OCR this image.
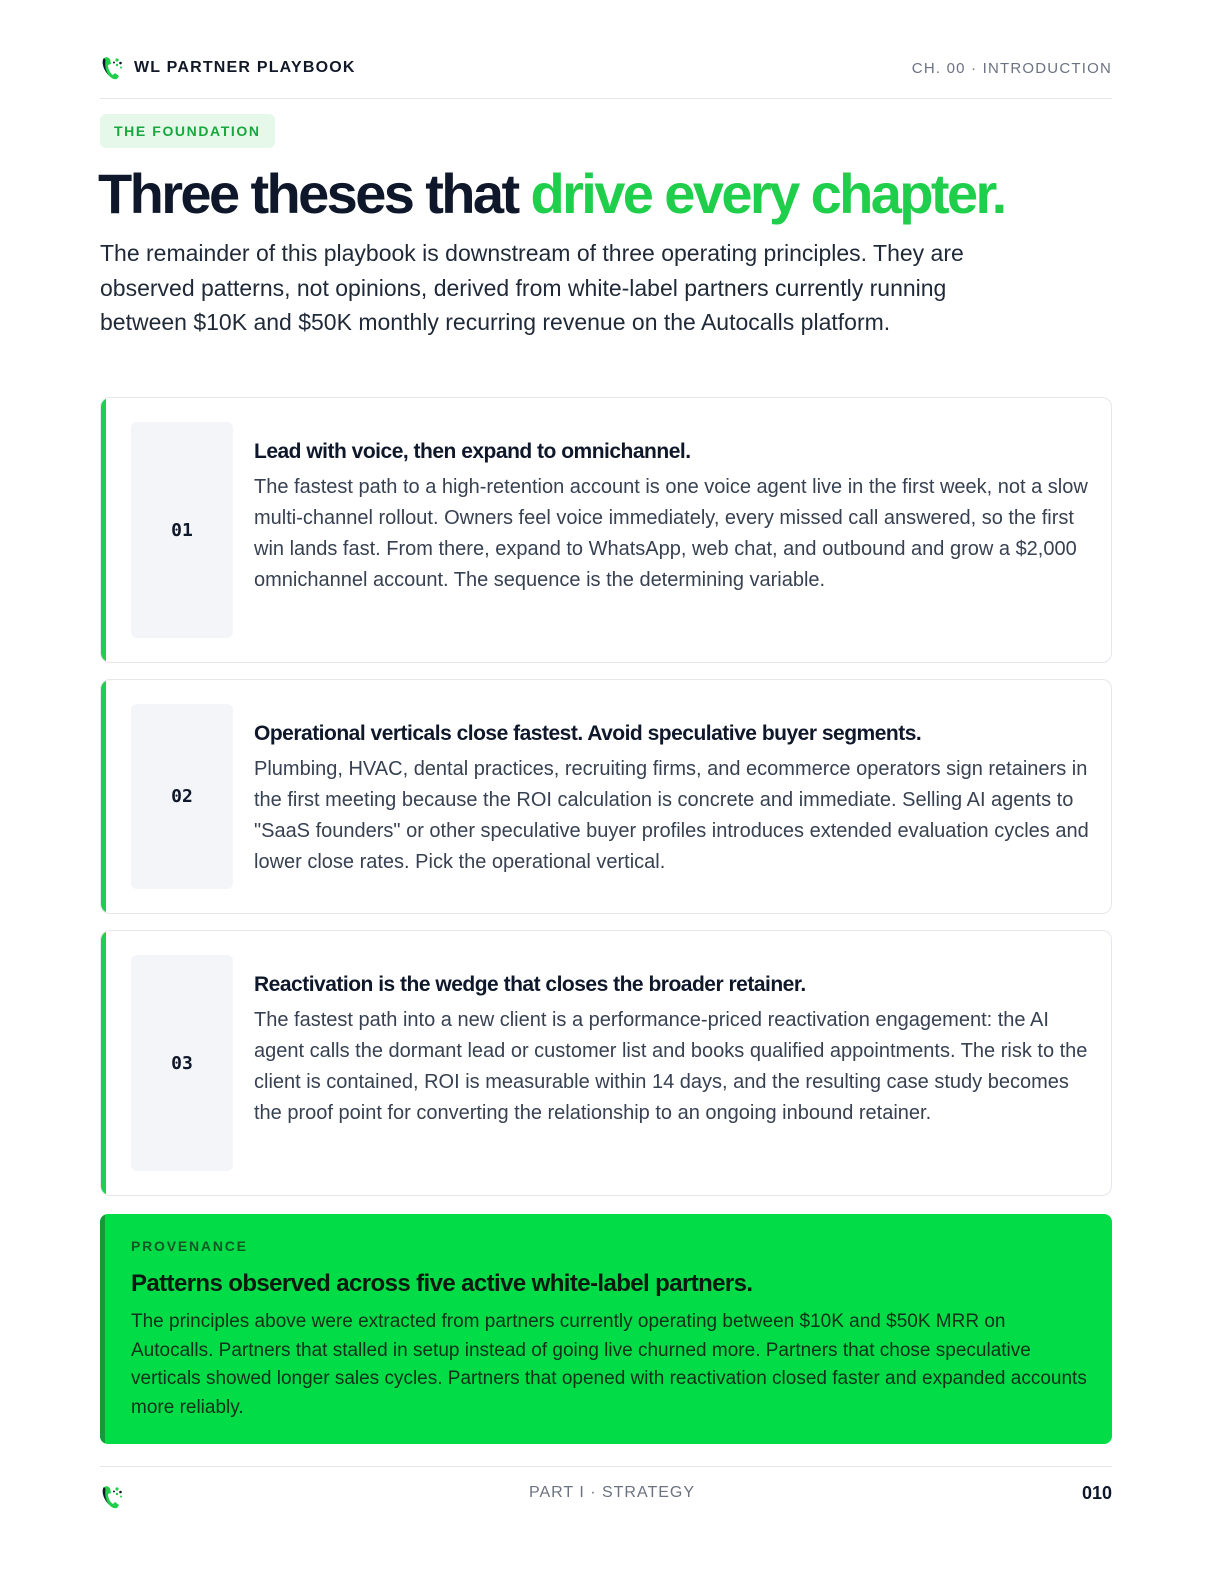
WL PARTNER PLAYBOOK	CH. 00 · INTRODUCTION
THE FOUNDATION
Three theses that drive every chapter.

The remainder of this playbook is downstream of three operating principles. They are observed patterns, not opinions, derived from white-label partners currently running between $10K and $50K monthly recurring revenue on the Autocalls platform.

01
Lead with voice, then expand to omnichannel.
The fastest path to a high-retention account is one voice agent live in the first week, not a slow multi-channel rollout. Owners feel voice immediately, every missed call answered, so the first win lands fast. From there, expand to WhatsApp, web chat, and outbound and grow a $2,000 omnichannel account. The sequence is the determining variable.
02
Operational verticals close fastest. Avoid speculative buyer segments.
Plumbing, HVAC, dental practices, recruiting firms, and ecommerce operators sign retainers in the first meeting because the ROI calculation is concrete and immediate. Selling AI agents to "SaaS founders" or other speculative buyer profiles introduces extended evaluation cycles and lower close rates. Pick the operational vertical.
03
Reactivation is the wedge that closes the broader retainer.
The fastest path into a new client is a performance-priced reactivation engagement: the AI agent calls the dormant lead or customer list and books qualified appointments. The risk to the client is contained, ROI is measurable within 14 days, and the resulting case study becomes the proof point for converting the relationship to an ongoing inbound retainer.
PROVENANCE
Patterns observed across five active white-label partners.
The principles above were extracted from partners currently operating between $10K and $50K MRR on Autocalls. Partners that stalled in setup instead of going live churned more. Partners that chose speculative verticals showed longer sales cycles. Partners that opened with reactivation closed faster and expanded accounts more reliably.
PART I · STRATEGY	010
